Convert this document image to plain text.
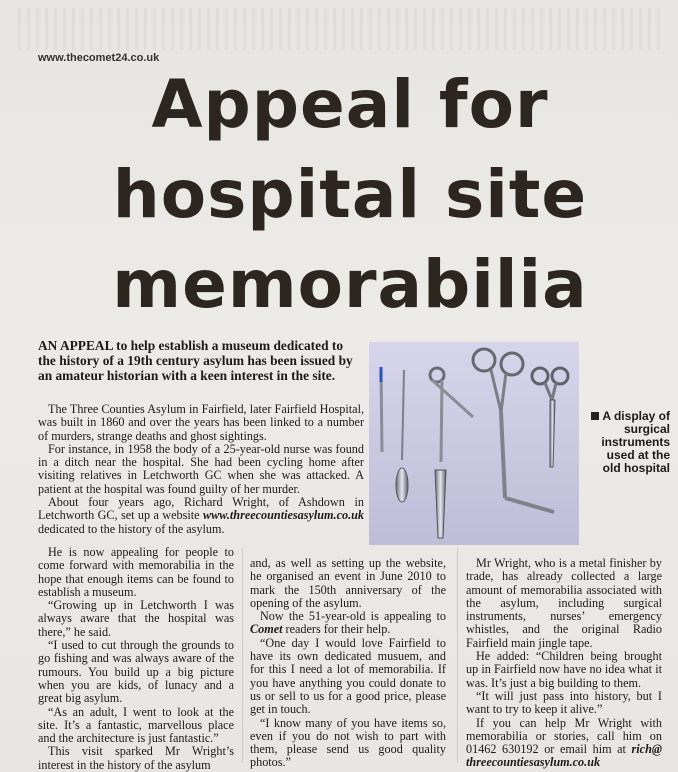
www.thecomet24.co.uk
Appeal for
hospital site
memorabilia
AN APPEAL to help establish a museum dedicated to the history of a 19th century asylum has been issued by an amateur historian with a keen interest in the site.

The Three Counties Asylum in Fairfield, later Fairfield Hospital, was built in 1860 and over the years has been linked to a number of murders, strange deaths and ghost sightings.

For instance, in 1958 the body of a 25-year-old nurse was found in a ditch near the hospital. She had been cycling home after visiting relatives in Letchworth GC when she was attacked. A patient at the hospital was found guilty of her murder.

About four years ago, Richard Wright, of Ashdown in Letchworth GC, set up a website www.threecountiesasylum.co.uk dedicated to the history of the asylum.

A display of surgical instruments used at the old hospital

He is now appealing for people to come forward with memorabilia in the hope that enough items can be found to establish a museum.

“Growing up in Letchworth I was always aware that the hospital was there,” he said.

“I used to cut through the grounds to go fishing and was always aware of the rumours. You build up a big picture when you are kids, of lunacy and a great big asylum.

“As an adult, I went to look at the site. It’s a fantastic, marvellous place and the architecture is just fantastic.”

This visit sparked Mr Wright’s interest in the history of the asylum

and, as well as setting up the website, he organised an event in June 2010 to mark the 150th anniversary of the opening of the asylum.

Now the 51-year-old is appealing to Comet readers for their help.

“One day I would love Fairfield to have its own dedicated musuem, and for this I need a lot of memorabilia. If you have anything you could donate to us or sell to us for a good price, please get in touch.

“I know many of you have items so, even if you do not wish to part with them, please send us good quality photos.”

Mr Wright, who is a metal finisher by trade, has already collected a large amount of memorabilia associated with the asylum, including surgical instruments, nurses’ emergency whistles, and the original Radio Fairfield main jingle tape.

He added: “Children being brought up in Fairfield now have no idea what it was. It’s just a big building to them.

“It will just pass into history, but I want to try to keep it alive.”

If you can help Mr Wright with memorabilia or stories, call him on 01462 630192 or email him at rich@ threecountiesasylum.co.uk
